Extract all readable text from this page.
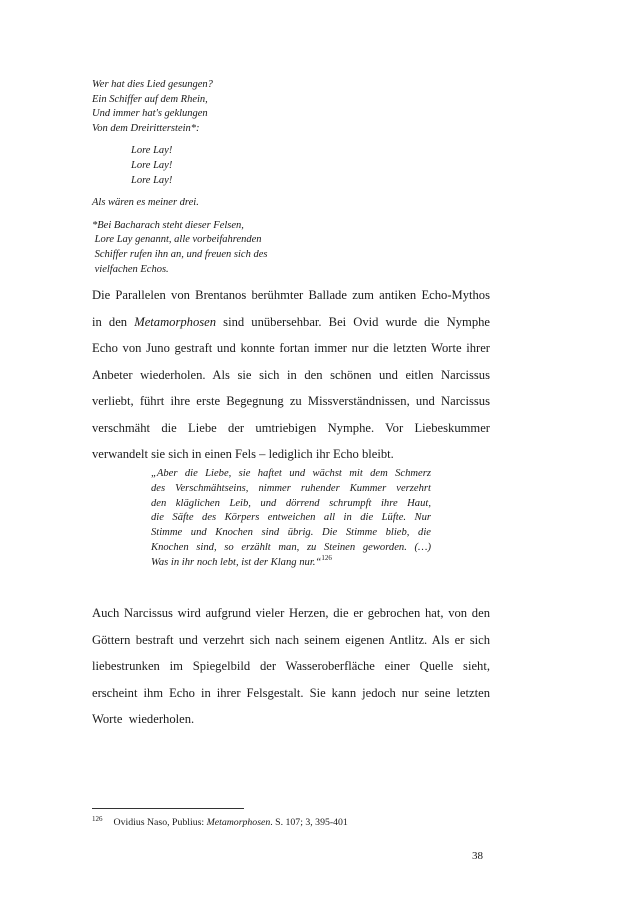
Wer hat dies Lied gesungen?
Ein Schiffer auf dem Rhein,
Und immer hat's geklungen
Von dem Dreiritterstein*:
Lore Lay!
Lore Lay!
Lore Lay!
Als wären es meiner drei.
*Bei Bacharach steht dieser Felsen,
Lore Lay genannt, alle vorbeifahrenden
Schiffer rufen ihn an, und freuen sich des
vielfachen Echos.
Die Parallelen von Brentanos berühmter Ballade zum antiken Echo-Mythos
in den Metamorphosen sind unübersehbar. Bei Ovid wurde die Nymphe
Echo von Juno gestraft und konnte fortan immer nur die letzten Worte ihrer
Anbeter wiederholen. Als sie sich in den schönen und eitlen Narcissus
verliebt, führt ihre erste Begegnung zu Missverständnissen, und Narcissus
verschmäht die Liebe der umtriebigen Nymphe. Vor Liebeskummer
verwandelt sie sich in einen Fels – lediglich ihr Echo bleibt.
„Aber die Liebe, sie haftet und wächst mit dem Schmerz
des Verschmähtseins, nimmer ruhender Kummer verzehrt
den kläglichen Leib, und dörrend schrumpft ihre Haut,
die Säfte des Körpers entweichen all in die Lüfte. Nur
Stimme und Knochen sind übrig. Die Stimme blieb, die
Knochen sind, so erzählt man, zu Steinen geworden. (…)
Was in ihr noch lebt, ist der Klang nur.“$^{126}$
Auch Narcissus wird aufgrund vieler Herzen, die er gebrochen hat, von den
Göttern bestraft und verzehrt sich nach seinem eigenen Antlitz. Als er sich
liebestrunken im Spiegelbild der Wasseroberfläche einer Quelle sieht,
erscheint ihm Echo in ihrer Felsgestalt. Sie kann jedoch nur seine letzten
Worte  wiederholen.
$^{126}$ Ovidius Naso, Publius: Metamorphosen. S. 107; 3, 395-401
38
